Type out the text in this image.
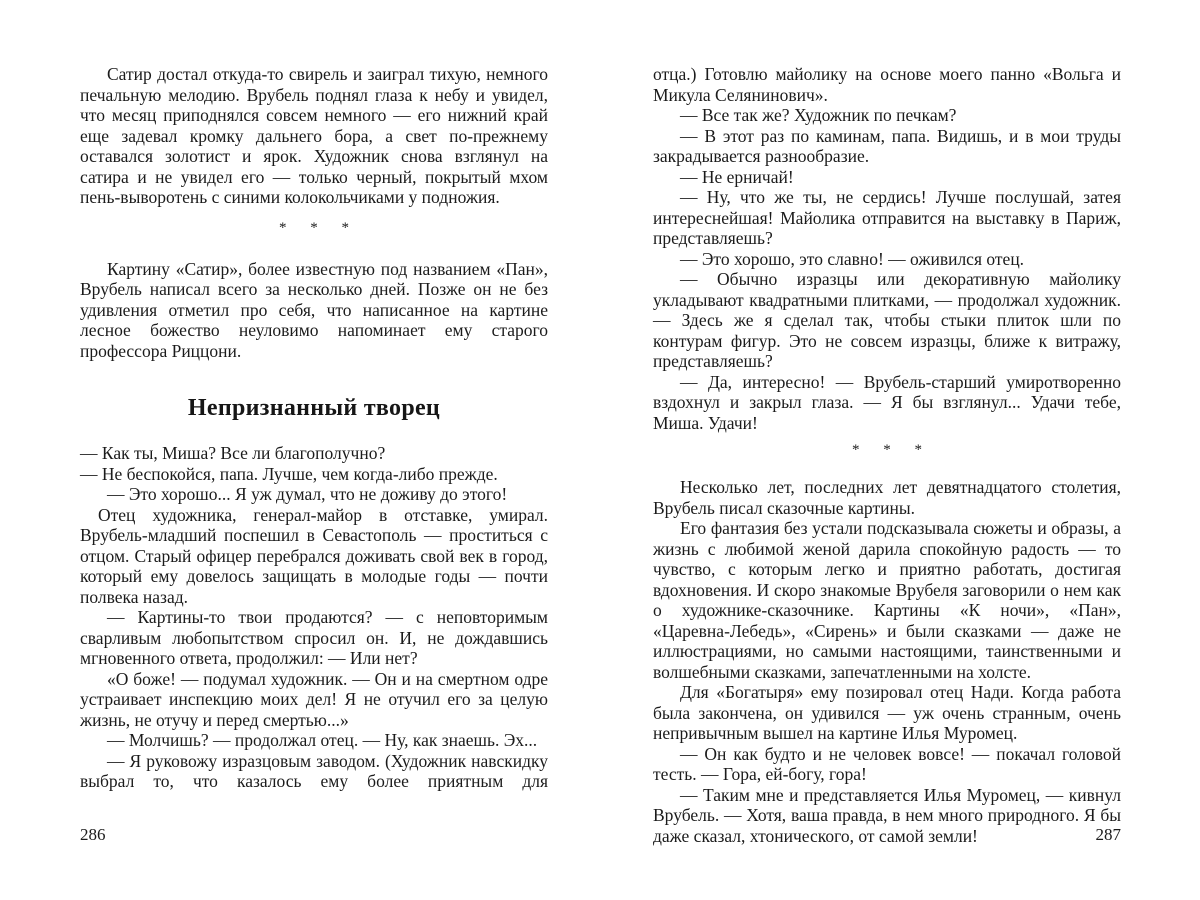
Сатир достал откуда-то свирель и заиграл тихую, немного печальную мелодию. Врубель поднял глаза к небу и увидел, что месяц приподнялся совсем немного — его нижний край еще задевал кромку дальнего бора, а свет по-прежнему оставался золотист и ярок. Художник снова взглянул на сатира и не увидел его — только черный, покрытый мхом пень-выворотень с синими колокольчиками у подножия.

* * *

Картину «Сатир», более известную под названием «Пан», Врубель написал всего за несколько дней. Позже он не без удивления отметил про себя, что написанное на картине лесное божество неуловимо напоминает ему старого профессора Риццони.

Непризнанный творец

— Как ты, Миша? Все ли благополучно?

— Не беспокойся, папа. Лучше, чем когда-либо прежде.

— Это хорошо... Я уж думал, что не доживу до этого!

Отец художника, генерал-майор в отставке, умирал. Врубель-младший поспешил в Севастополь — проститься с отцом. Старый офицер перебрался доживать свой век в город, который ему довелось защищать в молодые годы — почти полвека назад.

— Картины-то твои продаются? — с неповторимым сварливым любопытством спросил он. И, не дождавшись мгновенного ответа, продолжил: — Или нет?

«О боже! — подумал художник. — Он и на смертном одре устраивает инспекцию моих дел! Я не отучил его за целую жизнь, не отучу и перед смертью...»

— Молчишь? — продолжал отец. — Ну, как знаешь. Эх...

— Я руковожу изразцовым заводом. (Художник навскидку выбрал то, что казалось ему более приятным для

отца.) Готовлю майолику на основе моего панно «Вольга и Микула Селянинович».

— Все так же? Художник по печкам?

— В этот раз по каминам, папа. Видишь, и в мои труды закрадывается разнообразие.

— Не ерничай!

— Ну, что же ты, не сердись! Лучше послушай, затея интереснейшая! Майолика отправится на выставку в Париж, представляешь?

— Это хорошо, это славно! — оживился отец.

— Обычно изразцы или декоративную майолику укладывают квадратными плитками, — продолжал художник. — Здесь же я сделал так, чтобы стыки плиток шли по контурам фигур. Это не совсем изразцы, ближе к витражу, представляешь?

— Да, интересно! — Врубель-старший умиротворенно вздохнул и закрыл глаза. — Я бы взглянул... Удачи тебе, Миша. Удачи!

* * *

Несколько лет, последних лет девятнадцатого столетия, Врубель писал сказочные картины.

Его фантазия без устали подсказывала сюжеты и образы, а жизнь с любимой женой дарила спокойную радость — то чувство, с которым легко и приятно работать, достигая вдохновения. И скоро знакомые Врубеля заговорили о нем как о художнике-сказочнике. Картины «К ночи», «Пан», «Царевна-Лебедь», «Сирень» и были сказками — даже не иллюстрациями, но самыми настоящими, таинственными и волшебными сказками, запечатленными на холсте.

Для «Богатыря» ему позировал отец Нади. Когда работа была закончена, он удивился — уж очень странным, очень непривычным вышел на картине Илья Муромец.

— Он как будто и не человек вовсе! — покачал головой тесть. — Гора, ей-богу, гора!

— Таким мне и представляется Илья Муромец, — кивнул Врубель. — Хотя, ваша правда, в нем много природного. Я бы даже сказал, хтонического, от самой земли!

286	287
